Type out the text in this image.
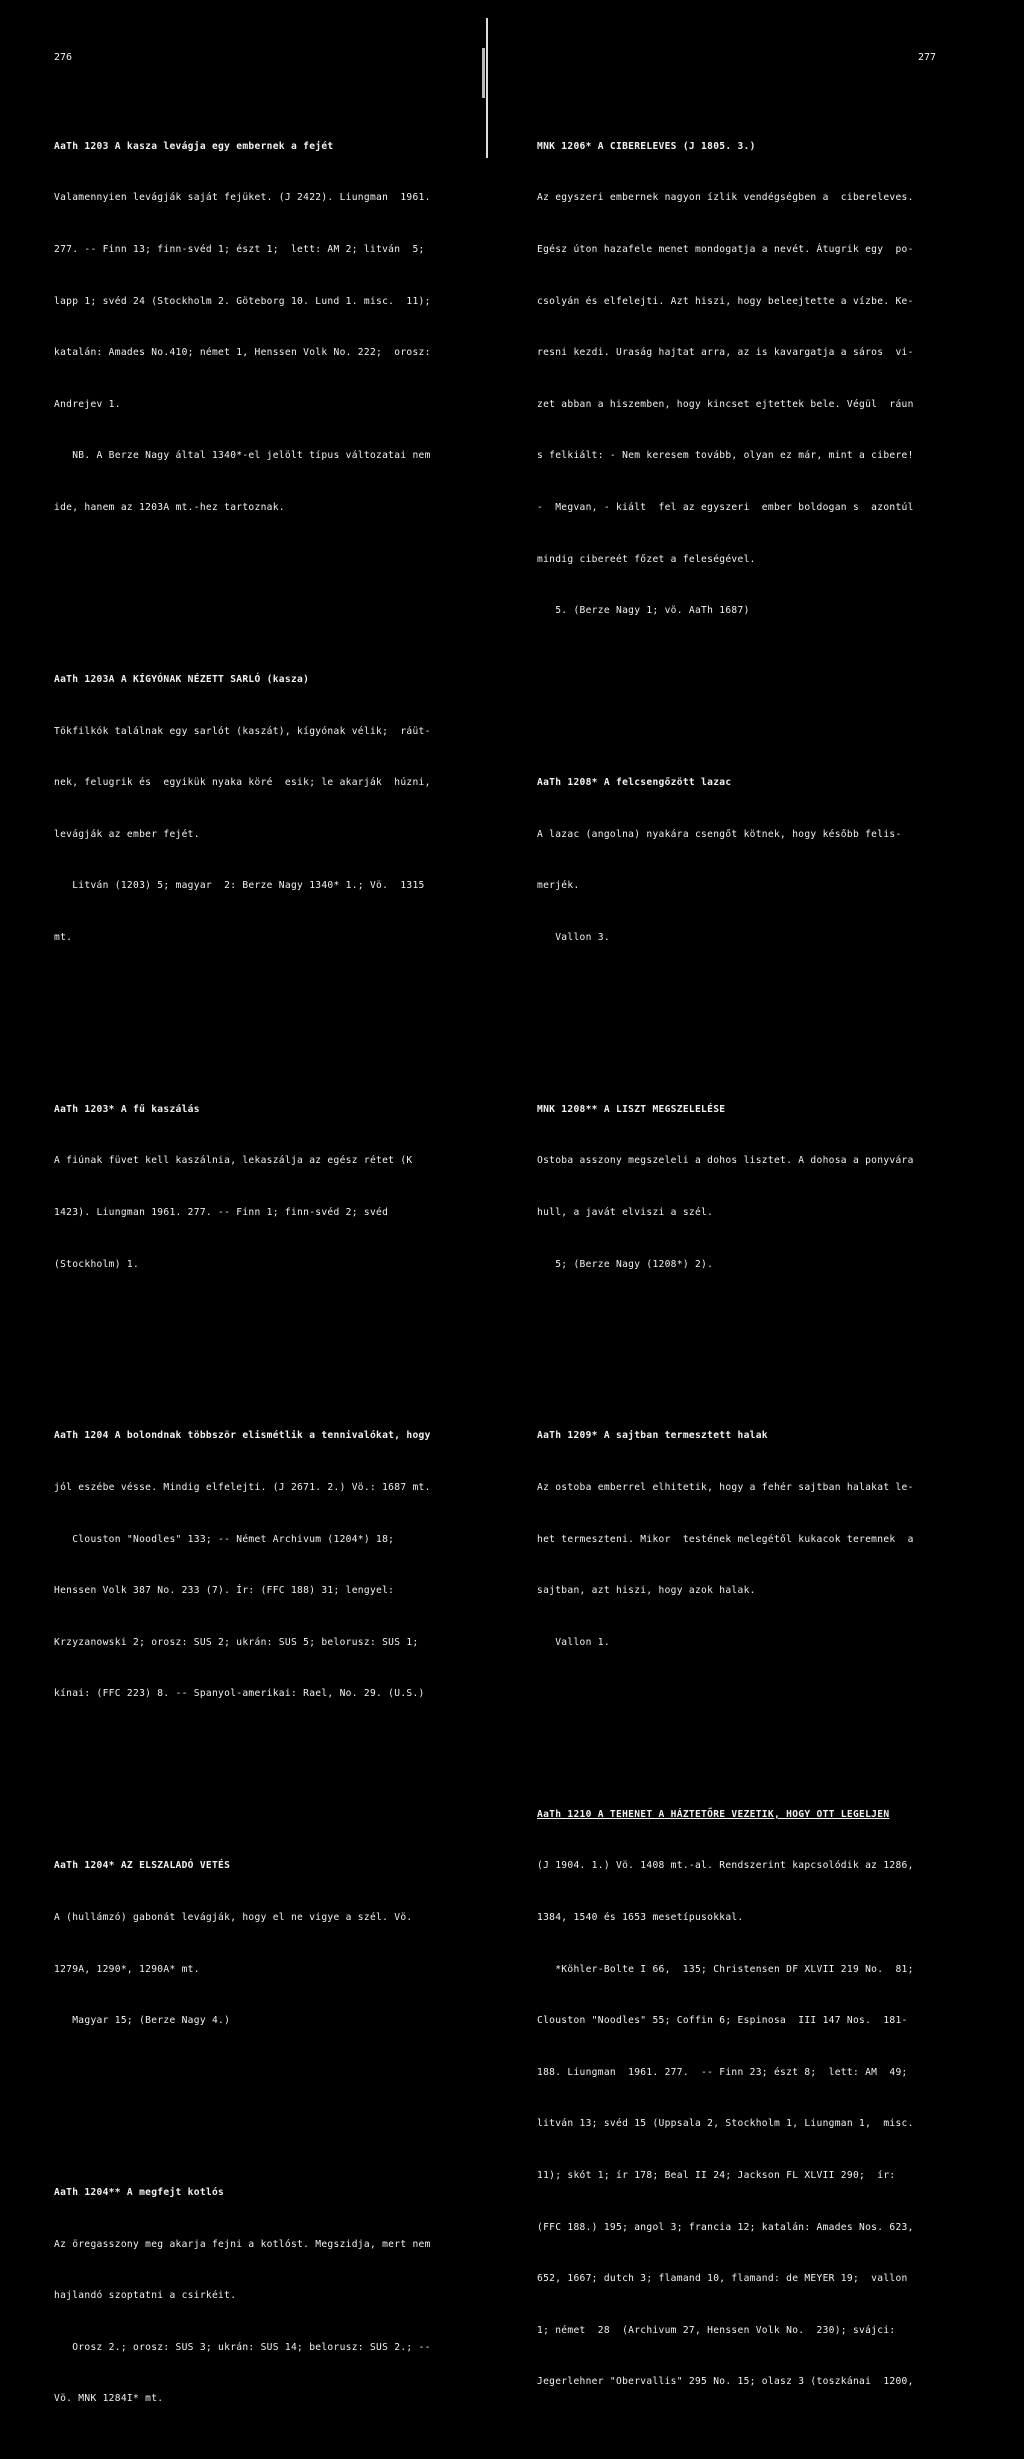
276	277

AaTh 1203 A kasza levágja egy embernek a fejét

Valamennyien levágják saját fejüket. (J 2422). Liungman  1961.

277. -- Finn 13; finn-svéd 1; észt 1;  lett: AM 2; litván  5;

lapp 1; svéd 24 (Stockholm 2. Göteborg 10. Lund 1. misc.  11);

katalán: Amades No.410; német 1, Henssen Volk No. 222;  orosz:

Andrejev 1.

NB. A Berze Nagy által 1340*-el jelölt típus változatai nem

ide, hanem az 1203A mt.-hez tartoznak.

AaTh 1203A A KÍGYÓNAK NÉZETT SARLÓ (kasza)

Tökfilkók találnak egy sarlót (kaszát), kígyónak vélik;  ráüt-

nek, felugrik és  egyikük nyaka köré  esik; le akarják  húzni,

levágják az ember fejét.

Litván (1203) 5; magyar  2: Berze Nagy 1340* 1.; Vö.  1315

mt.

AaTh 1203* A fű kaszálás

A fiúnak füvet kell kaszálnia, lekaszálja az egész rétet (K

1423). Liungman 1961. 277. -- Finn 1; finn-svéd 2; svéd

(Stockholm) 1.

AaTh 1204 A bolondnak többször elismétlik a tennivalókat, hogy

jól eszébe vésse. Mindig elfelejti. (J 2671. 2.) Vö.: 1687 mt.

Clouston "Noodles" 133; -- Német Archivum (1204*) 18;

Henssen Volk 387 No. 233 (7). Ír: (FFC 188) 31; lengyel:

Krzyzanowski 2; orosz: SUS 2; ukrán: SUS 5; belorusz: SUS 1;

kínai: (FFC 223) 8. -- Spanyol-amerikai: Rael, No. 29. (U.S.)

AaTh 1204* AZ ELSZALADÓ VETÉS

A (hullámzó) gabonát levágják, hogy el ne vigye a szél. Vö.

1279A, 1290*, 1290A* mt.

Magyar 15; (Berze Nagy 4.)

AaTh 1204** A megfejt kotlós

Az öregasszony meg akarja fejni a kotlóst. Megszidja, mert nem

hajlandó szoptatni a csirkéit.

Orosz 2.; orosz: SUS 3; ukrán: SUS 14; belorusz: SUS 2.; --

Vö. MNK 1284I* mt.

MNK 1206* A CIBERELEVES (J 1805. 3.)

Az egyszeri embernek nagyon ízlik vendégségben a  cibereleves.

Egész úton hazafele menet mondogatja a nevét. Átugrik egy  po-

csolyán és elfelejti. Azt hiszi, hogy beleejtette a vízbe. Ke-

resni kezdi. Uraság hajtat arra, az is kavargatja a sáros  vi-

zet abban a hiszemben, hogy kincset ejtettek bele. Végül  ráun

s felkiált: - Nem keresem tovább, olyan ez már, mint a cibere!

-  Megvan, - kiált  fel az egyszeri  ember boldogan s  azontúl

mindig cibereét főzet a feleségével.

5. (Berze Nagy 1; vö. AaTh 1687)

AaTh 1208* A felcsengőzött lazac

A lazac (angolna) nyakára csengőt kötnek, hogy később felis-

merjék.

Vallon 3.

MNK 1208** A LISZT MEGSZELELÉSE

Ostoba asszony megszeleli a dohos lisztet. A dohosa a ponyvára

hull, a javát elviszi a szél.

5; (Berze Nagy (1208*) 2).

AaTh 1209* A sajtban termesztett halak

Az ostoba emberrel elhitetik, hogy a fehér sajtban halakat le-

het termeszteni. Mikor  testének melegétől kukacok teremnek  a

sajtban, azt hiszi, hogy azok halak.

Vallon 1.

AaTh 1210 A TEHENET A HÁZTETŐRE VEZETIK, HOGY OTT LEGELJEN

(J 1904. 1.) Vö. 1408 mt.-al. Rendszerint kapcsolódik az 1286,

1384, 1540 és 1653 mesetípusokkal.

*Köhler-Bolte I 66,  135; Christensen DF XLVII 219 No.  81;

Clouston "Noodles" 55; Coffin 6; Espinosa  III 147 Nos.  181-

188. Liungman  1961. 277.  -- Finn 23; észt 8;  lett: AM  49;

litván 13; svéd 15 (Uppsala 2, Stockholm 1, Liungman 1,  misc.

11); skót 1; ír 178; Beal II 24; Jackson FL XLVII 290;  ír:

(FFC 188.) 195; angol 3; francia 12; katalán: Amades Nos. 623,

652, 1667; dutch 3; flamand 10, flamand: de MEYER 19;  vallon

1; német  28  (Archivum 27, Henssen Volk No.  230); svájci:

Jegerlehner "Obervallis" 295 No. 15; olasz 3 (toszkánai  1200,
